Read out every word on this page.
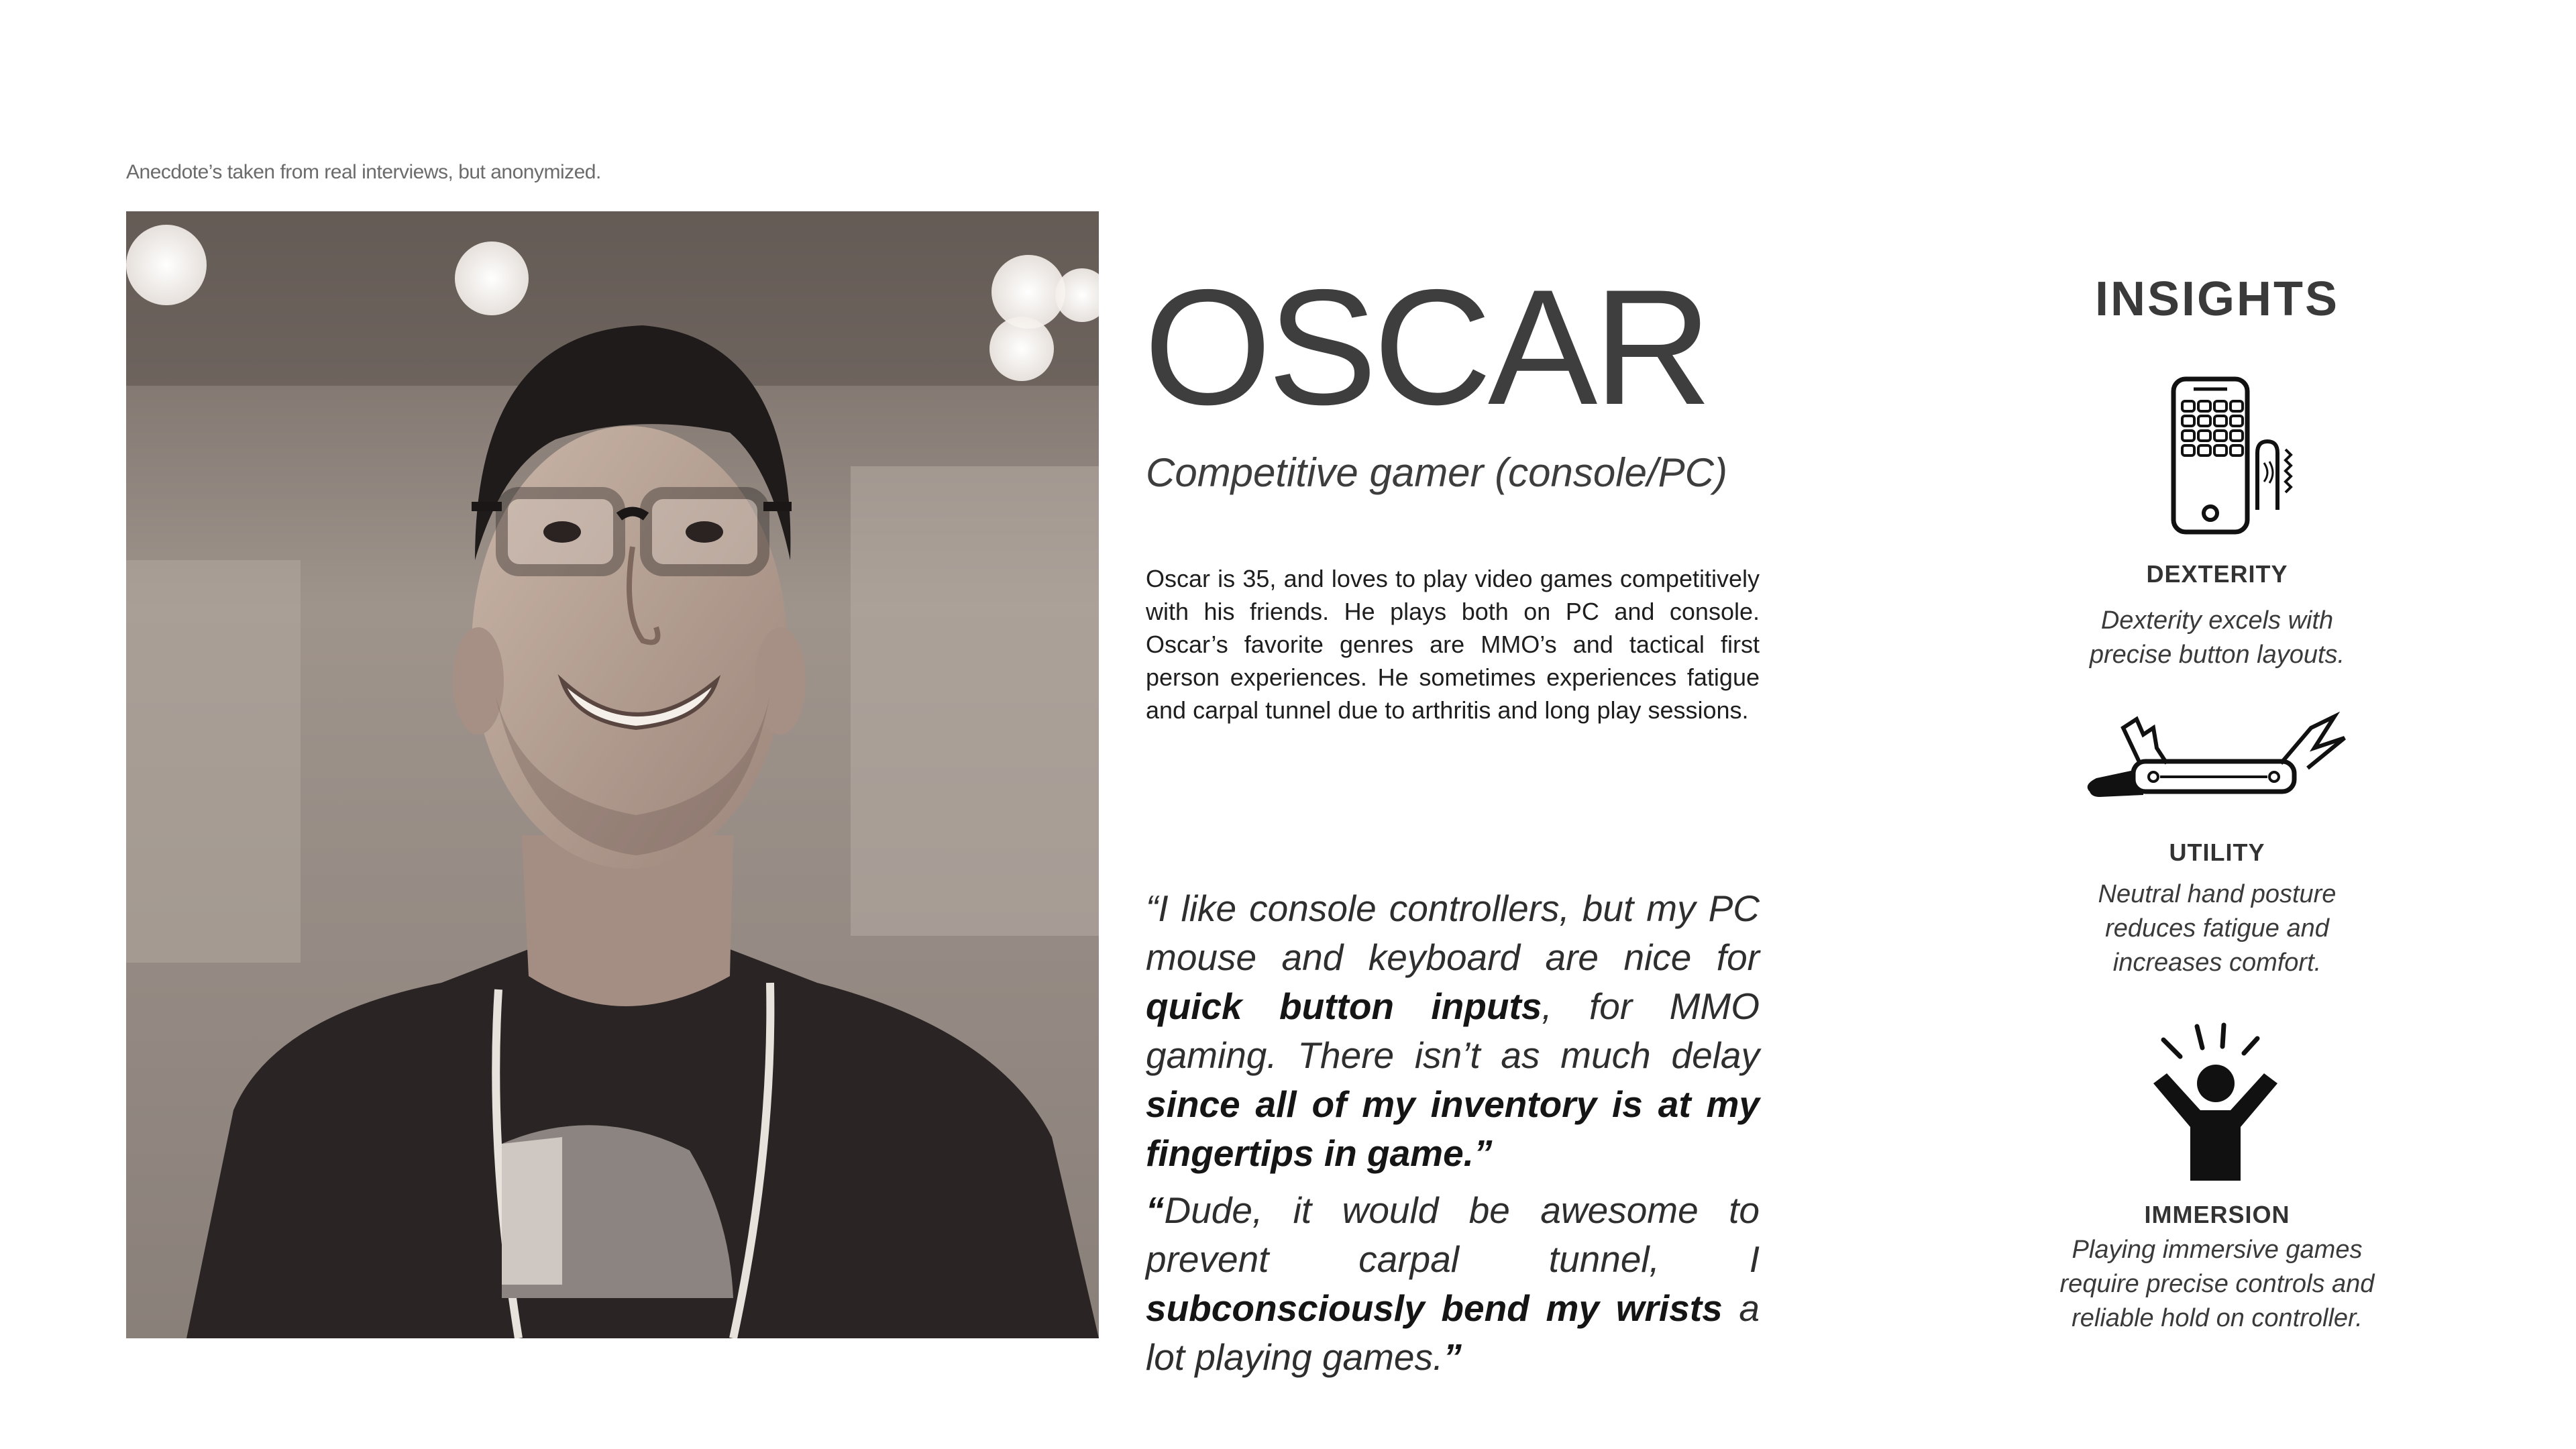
Anecdote’s taken from real interviews, but anonymized.
OSCAR
Competitive gamer (console/PC)
Oscar is 35, and loves to play video games competitively with his friends. He plays both on PC and console. Oscar’s favorite genres are MMO’s and tactical first person experiences. He sometimes experiences fatigue and carpal tunnel due to arthritis and long play sessions.
“I like console controllers, but my PC mouse and keyboard are nice for quick button inputs, for MMO gaming. There isn’t as much delay since all of my inventory is at my fingertips in game.”
“Dude, it would be awesome to prevent carpal tunnel, I subconsciously bend my wrists a lot playing games.”
INSIGHTS
DEXTERITY
Dexterity excels with precise button layouts.
UTILITY
Neutral hand posture reduces fatigue and increases comfort.
IMMERSION
Playing immersive games require precise controls and reliable hold on controller.
